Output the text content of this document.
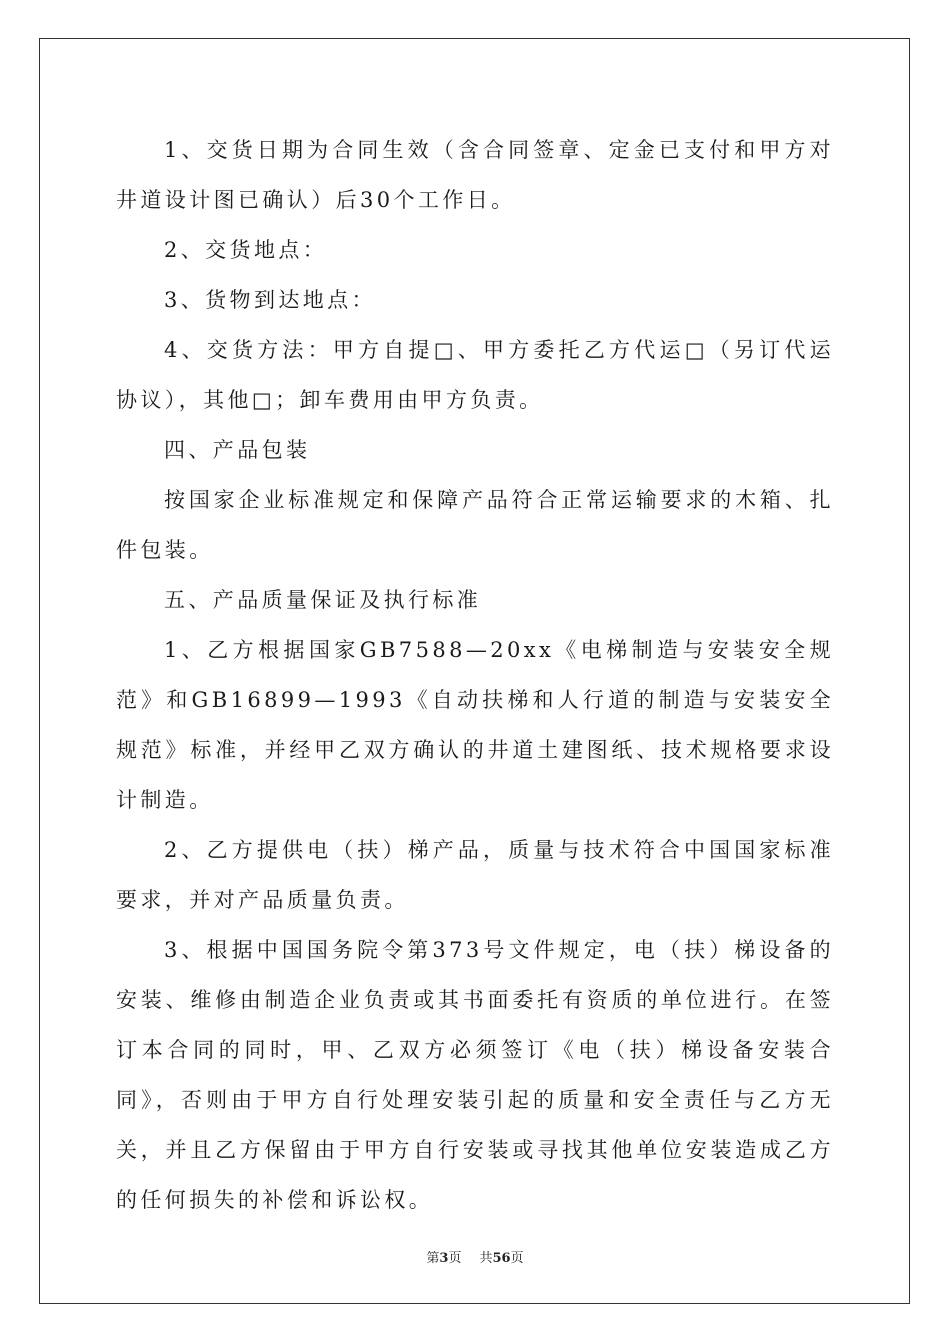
1、交货日期为合同生效（含合同签章、定金已支付和甲方对井道设计图已确认）后30个工作日。

2、交货地点：

3、货物到达地点：

4、交货方法：甲方自提□、甲方委托乙方代运□（另订代运协议），其他□；卸车费用由甲方负责。

四、产品包装

按国家企业标准规定和保障产品符合正常运输要求的木箱、扎件包装。

五、产品质量保证及执行标准

1、乙方根据国家GB7588—20xx《电梯制造与安装安全规范》和GB16899—1993《自动扶梯和人行道的制造与安装安全规范》标准，并经甲乙双方确认的井道土建图纸、技术规格要求设计制造。

2、乙方提供电（扶）梯产品，质量与技术符合中国国家标准要求，并对产品质量负责。

3、根据中国国务院令第373号文件规定，电（扶）梯设备的安装、维修由制造企业负责或其书面委托有资质的单位进行。在签订本合同的同时，甲、乙双方必须签订《电（扶）梯设备安装合同》，否则由于甲方自行处理安装引起的质量和安全责任与乙方无关，并且乙方保留由于甲方自行安装或寻找其他单位安装造成乙方的任何损失的补偿和诉讼权。

第3页 共56页
